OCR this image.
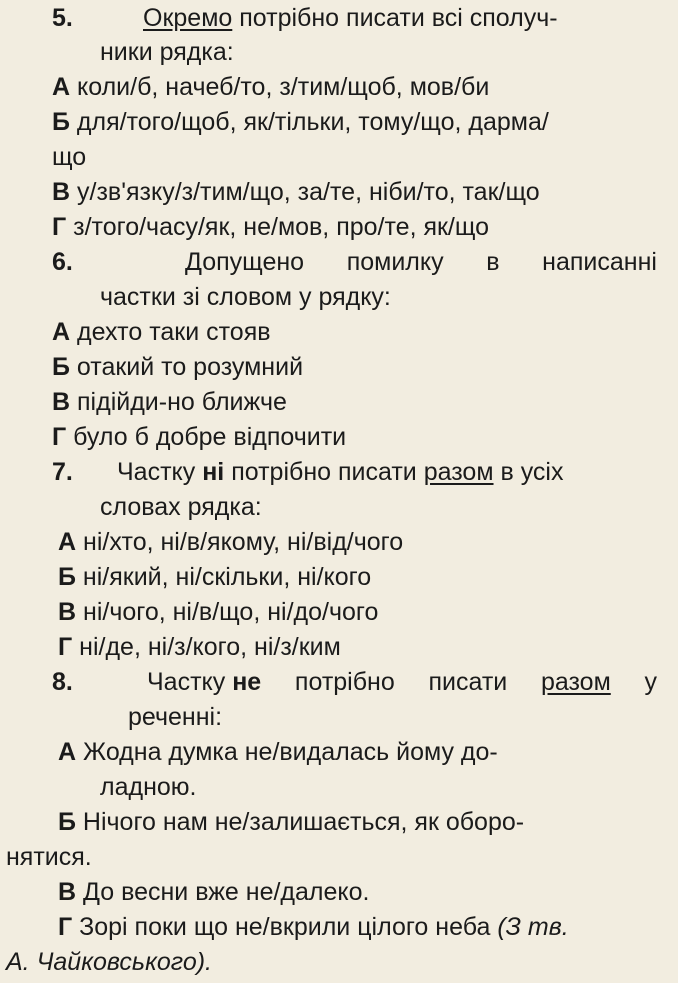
5.	Окремо потрібно писати всі сполуч-
ники рядка:
А коли/б, начеб/то, з/тим/щоб, мов/би
Б для/того/щоб, як/тільки, тому/що, дарма/
що
В у/зв'язку/з/тим/що, за/те, ніби/то, так/що
Г з/того/часу/як, не/мов, про/те, як/що
6.	Допущено помилку в написанні
частки зі словом у рядку:
А дехто таки стояв
Б отакий то розумний
В підійди-но ближче
Г було б добре відпочити
7. Частку ні потрібно писати разом в усіх
словах рядка:
А ні/хто, ні/в/якому, ні/від/чого
Б ні/який, ні/скільки, ні/кого
В ні/чого, ні/в/що, ні/до/чого
Г ні/де, ні/з/кого, ні/з/ким
8.	Частку не потрібно писати разом у
реченні:
А Жодна думка не/видалась йому до-
ладною.
Б Нічого нам не/залишається, як оборо-
нятися.
В До весни вже не/далеко.
Г Зорі поки що не/вкрили цілого неба (З тв.
А. Чайковського).
